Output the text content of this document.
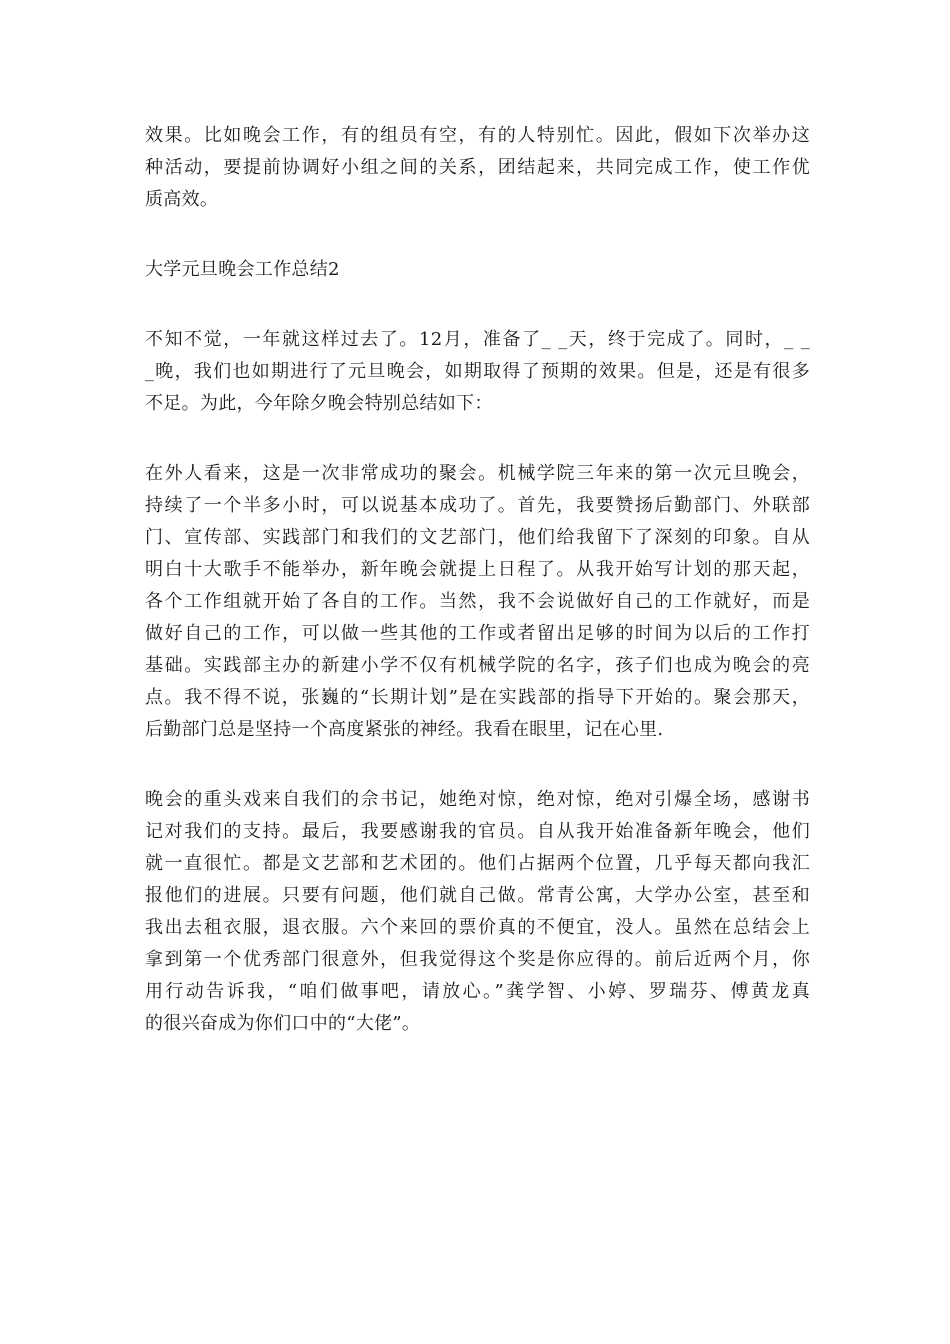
效果。比如晚会工作，有的组员有空，有的人特别忙。因此，假如下次举办这
种活动，要提前协调好小组之间的关系，团结起来，共同完成工作，使工作优
质高效。
大学元旦晚会工作总结2
不知不觉，一年就这样过去了。12月，准备了_ _天，终于完成了。同时，_ _
_晚，我们也如期进行了元旦晚会，如期取得了预期的效果。但是，还是有很多
不足。为此，今年除夕晚会特别总结如下：
在外人看来，这是一次非常成功的聚会。机械学院三年来的第一次元旦晚会，
持续了一个半多小时，可以说基本成功了。首先，我要赞扬后勤部门、外联部
门、宣传部、实践部门和我们的文艺部门，他们给我留下了深刻的印象。自从
明白十大歌手不能举办，新年晚会就提上日程了。从我开始写计划的那天起，
各个工作组就开始了各自的工作。当然，我不会说做好自己的工作就好，而是
做好自己的工作，可以做一些其他的工作或者留出足够的时间为以后的工作打
基础。实践部主办的新建小学不仅有机械学院的名字，孩子们也成为晚会的亮
点。我不得不说，张巍的“长期计划”是在实践部的指导下开始的。聚会那天，
后勤部门总是坚持一个高度紧张的神经。我看在眼里，记在心里.
晚会的重头戏来自我们的佘书记，她绝对惊，绝对惊，绝对引爆全场，感谢书
记对我们的支持。最后，我要感谢我的官员。自从我开始准备新年晚会，他们
就一直很忙。都是文艺部和艺术团的。他们占据两个位置，几乎每天都向我汇
报他们的进展。只要有问题，他们就自己做。常青公寓，大学办公室，甚至和
我出去租衣服，退衣服。六个来回的票价真的不便宜，没人。虽然在总结会上
拿到第一个优秀部门很意外，但我觉得这个奖是你应得的。前后近两个月，你
用行动告诉我，“咱们做事吧，请放心。”龚学智、小婷、罗瑞芬、傅黄龙真
的很兴奋成为你们口中的“大佬”。
